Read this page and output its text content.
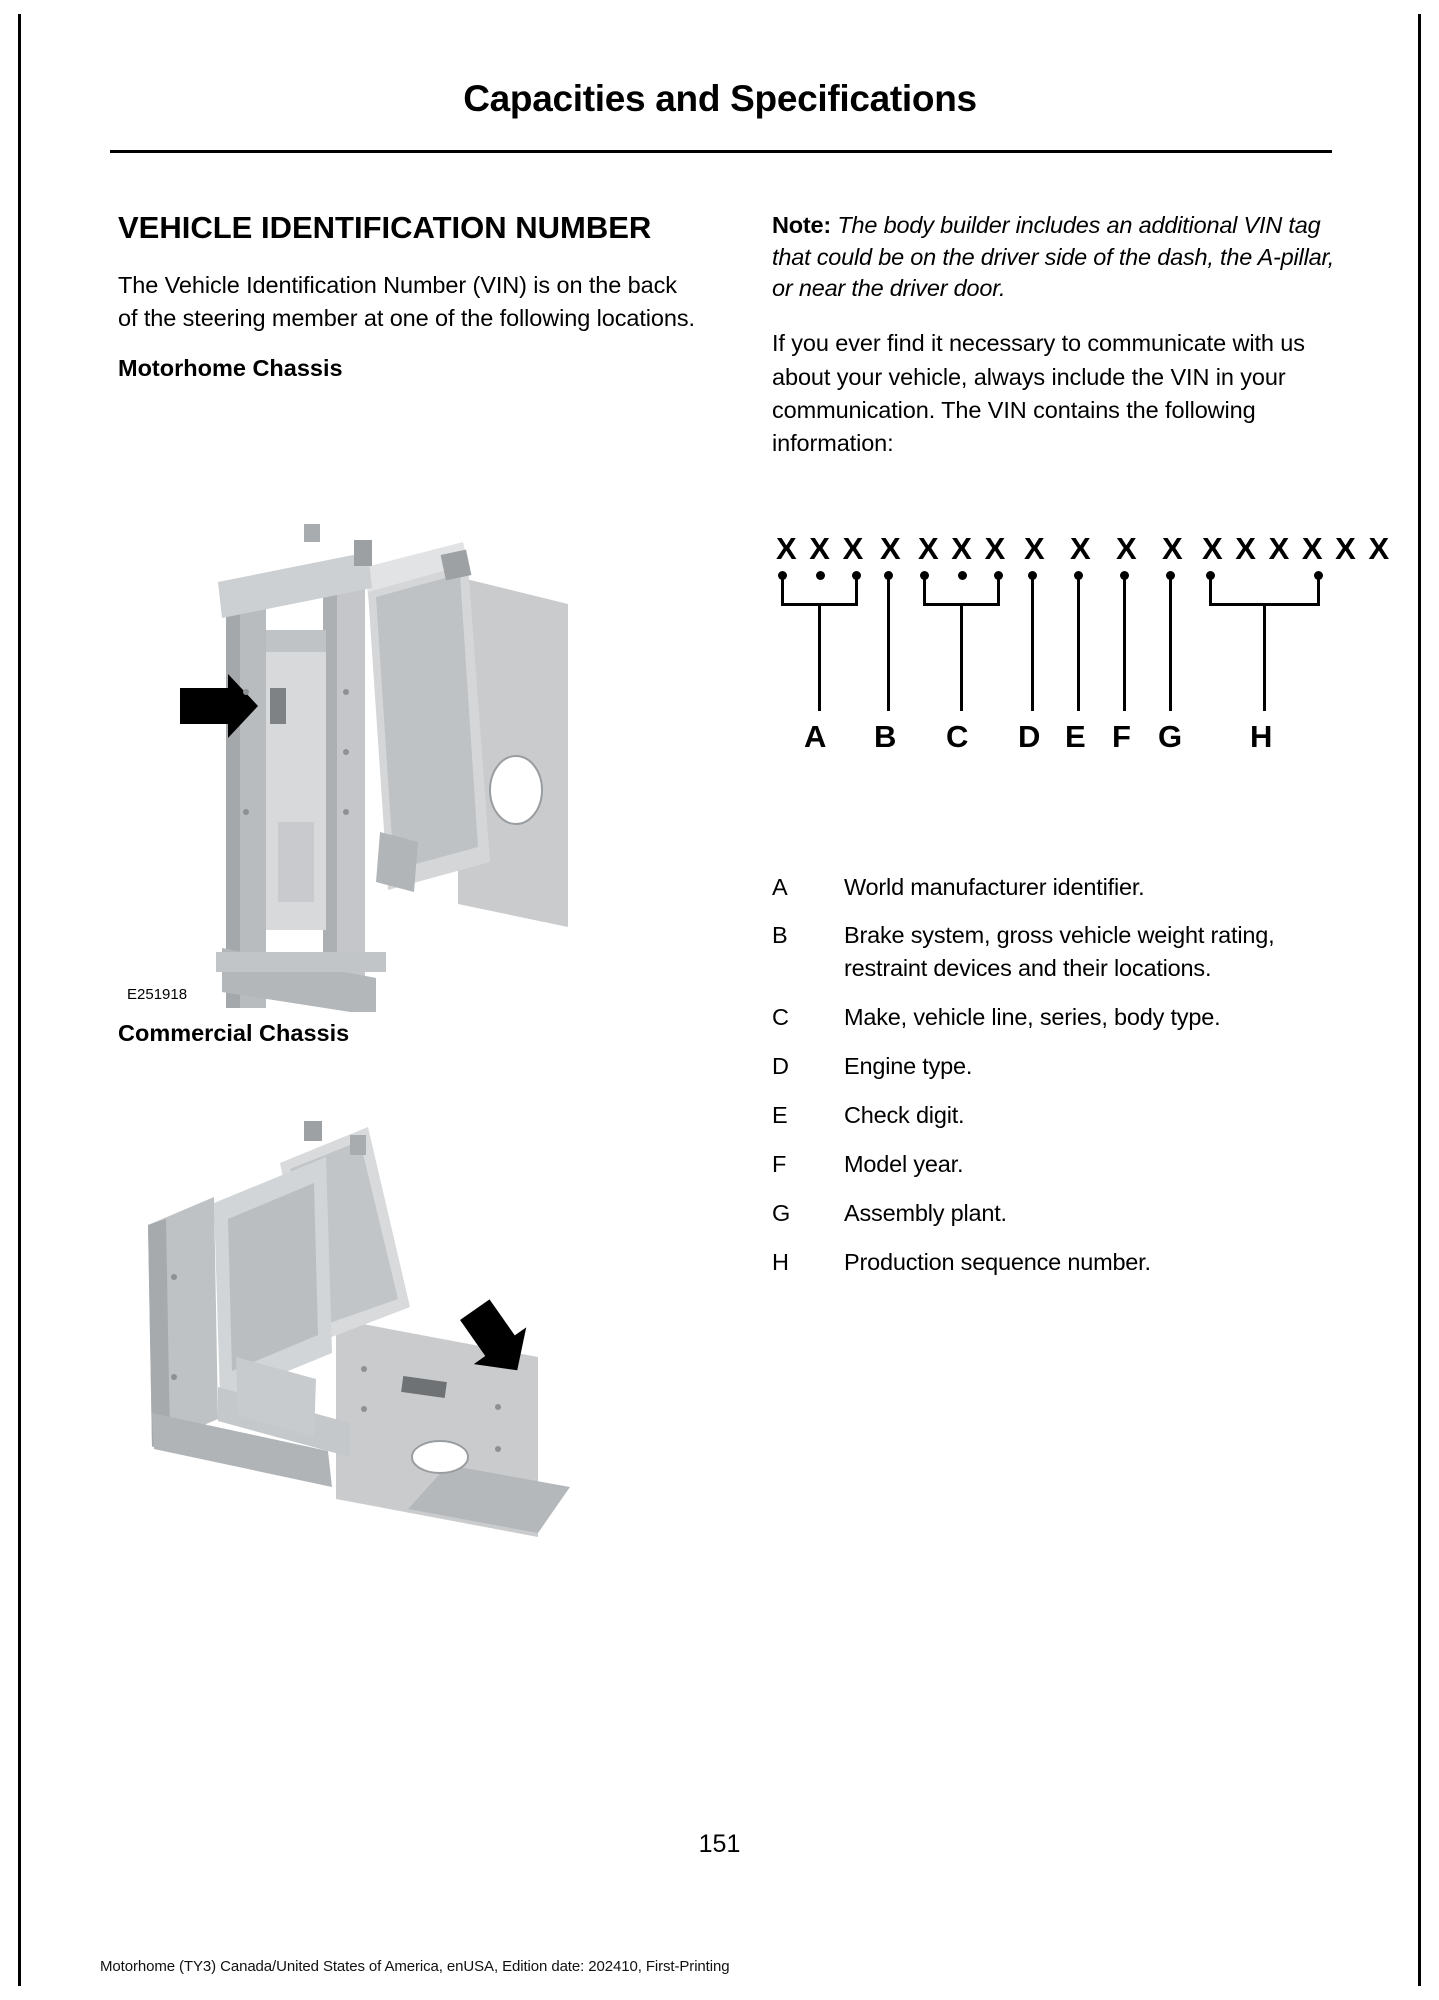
Capacities and Specifications
VEHICLE IDENTIFICATION NUMBER

The Vehicle Identification Number (VIN) is on the back of the steering member at one of the following locations.

Motorhome Chassis
E251918
Commercial Chassis

Note: The body builder includes an additional VIN tag that could be on the driver side of the dash, the A-pillar, or near the driver door.

If you ever find it necessary to communicate with us about your vehicle, always include the VIN in your communication. The VIN contains the following information:

X X X X X X X X X X X X X X X X X
A B C D E F G H
A	World manufacturer identifier.
B	Brake system, gross vehicle weight rating, restraint devices and their locations.
C	Make, vehicle line, series, body type.
D	Engine type.
E	Check digit.
F	Model year.
G	Assembly plant.
H	Production sequence number.
151
Motorhome (TY3) Canada/United States of America, enUSA, Edition date: 202410, First-Printing
